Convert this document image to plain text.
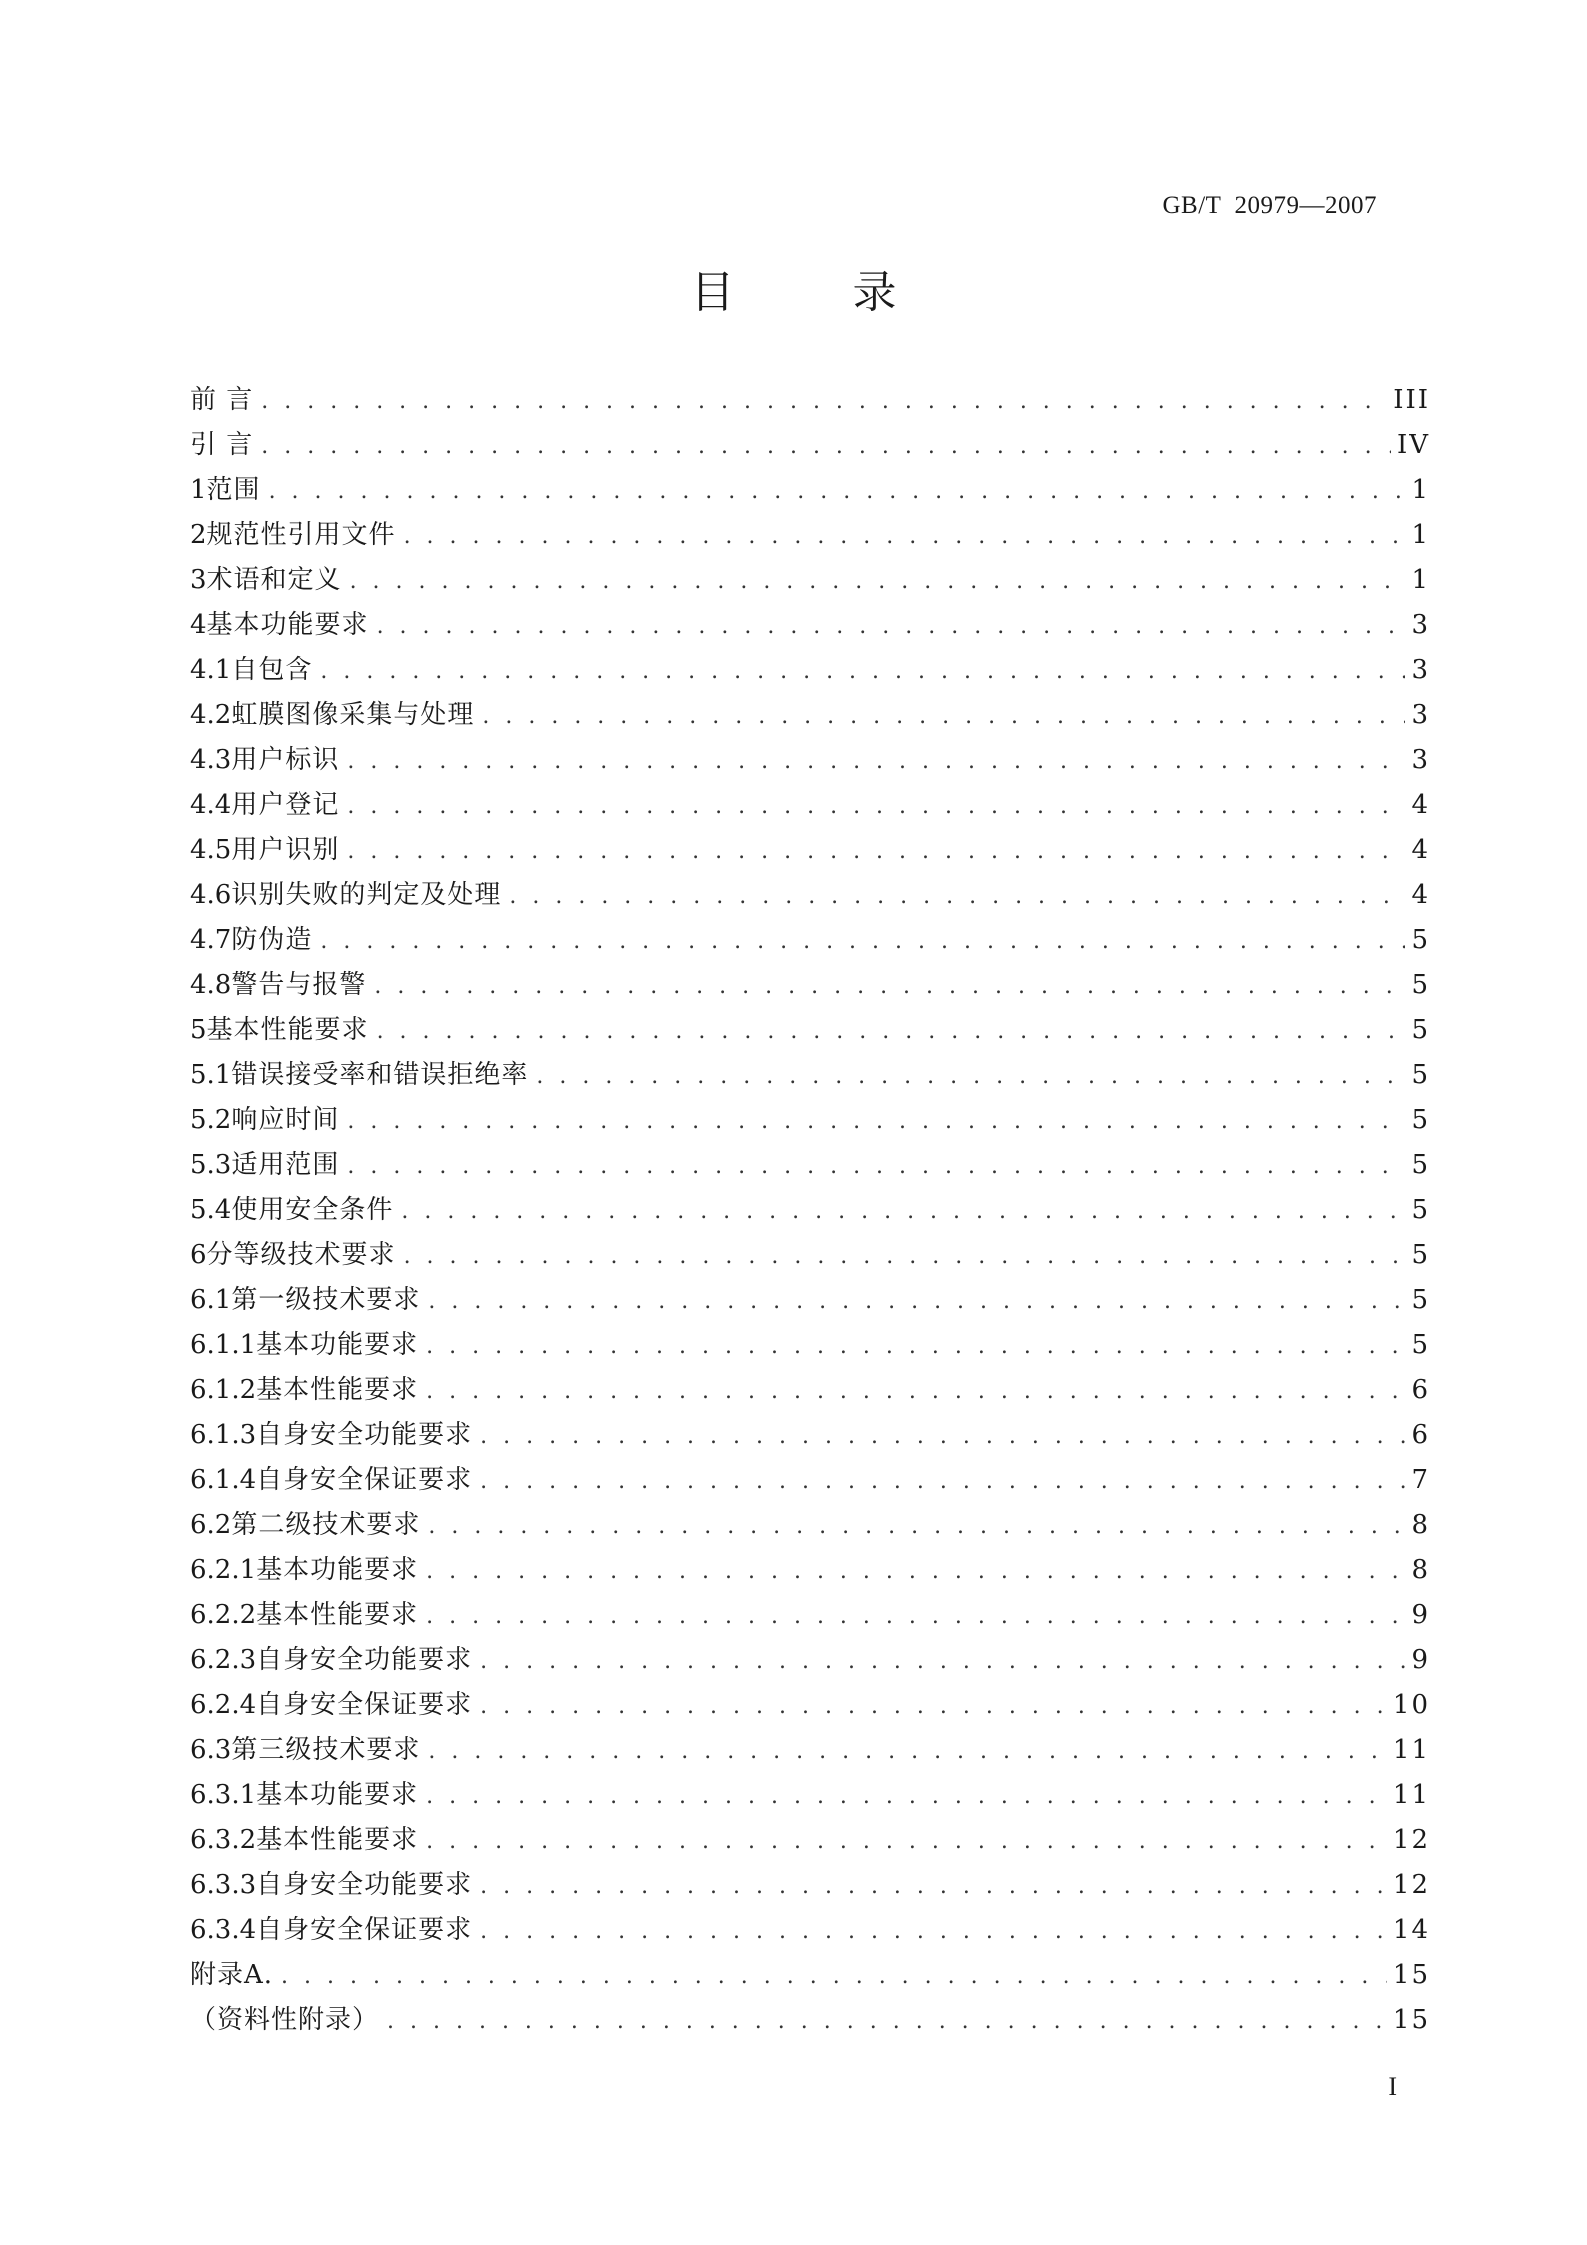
GB/T  20979—2007
目录
前 言 . . .	III
引 言 . . .	IV
1 范围 . . .	1
2 规范性引用文件 . . .	1
3 术语和定义 . . .	1
4 基本功能要求 . . .	3
4.1 自包含 . . .	3
4.2 虹膜图像采集与处理 . . .	3
4.3 用户标识 . . .	3
4.4 用户登记 . . .	4
4.5 用户识别 . . .	4
4.6 识别失败的判定及处理 . . .	4
4.7 防伪造 . . .	5
4.8 警告与报警 . . .	5
5 基本性能要求 . . .	5
5.1 错误接受率和错误拒绝率 . . .	5
5.2 响应时间 . . .	5
5.3 适用范围 . . .	5
5.4 使用安全条件 . . .	5
6 分等级技术要求 . . .	5
6.1 第一级技术要求 . . .	5
6.1.1 基本功能要求 . . .	5
6.1.2 基本性能要求 . . .	6
6.1.3 自身安全功能要求 . . .	6
6.1.4 自身安全保证要求 . . .	7
6.2 第二级技术要求 . . .	8
6.2.1 基本功能要求 . . .	8
6.2.2 基本性能要求 . . .	9
6.2.3 自身安全功能要求 . . .	9
6.2.4 自身安全保证要求 . . .	10
6.3 第三级技术要求 . . .	11
6.3.1 基本功能要求 . . .	11
6.3.2 基本性能要求 . . .	12
6.3.3 自身安全功能要求 . . .	12
6.3.4 自身安全保证要求 . . .	14
附录A. . . .	15
（资料性附录） . . .	15
I
